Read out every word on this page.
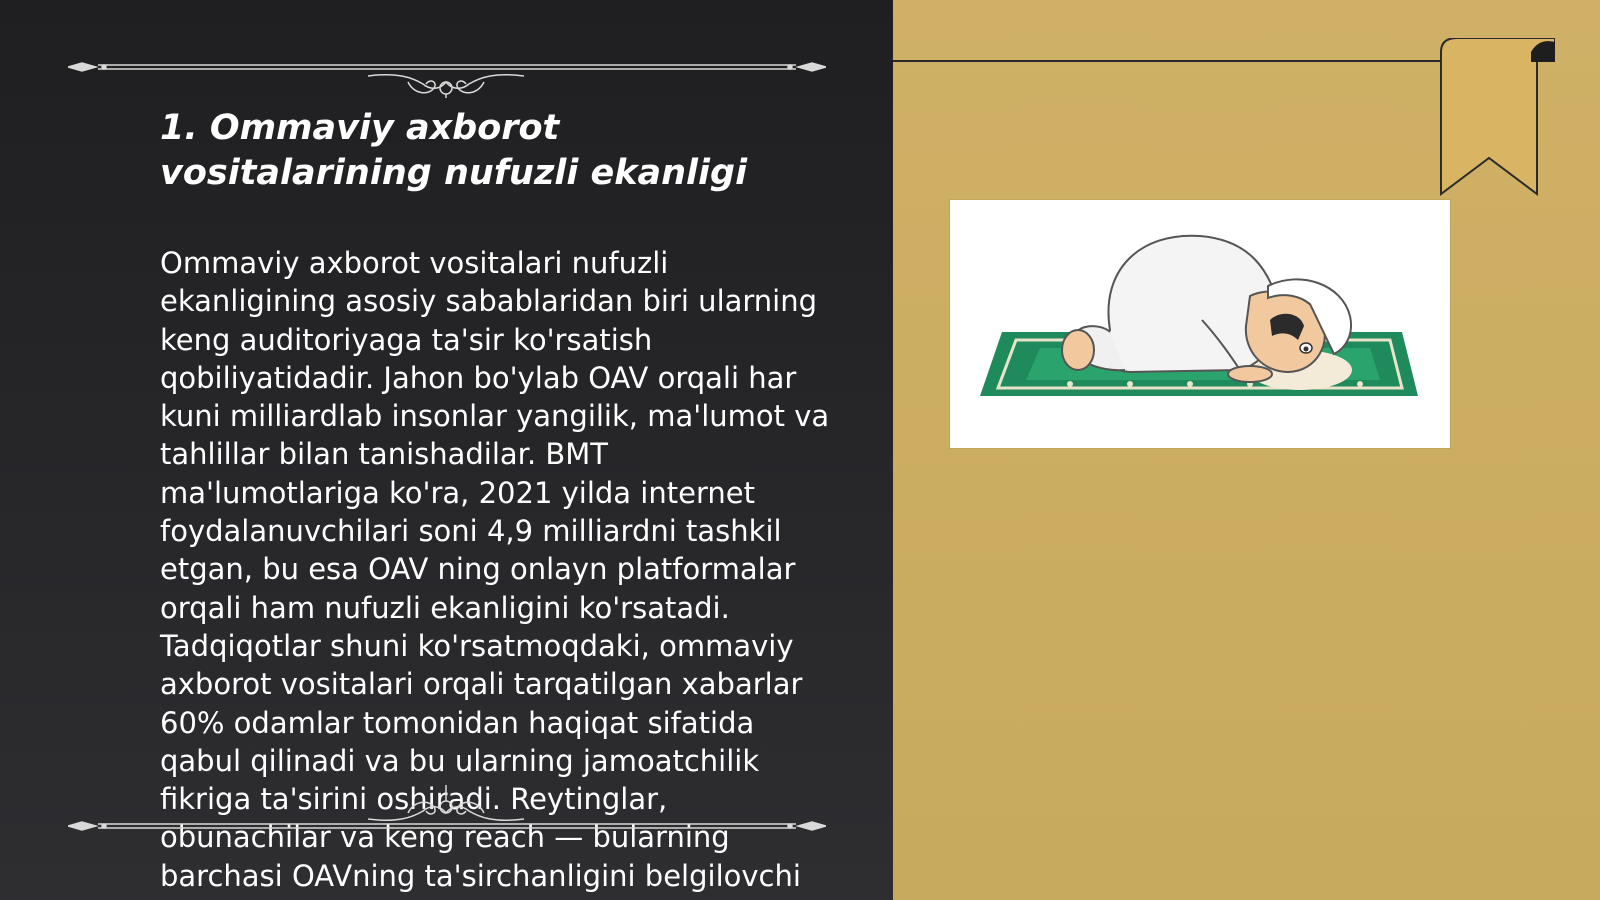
1. Ommaviy axborot vositalarining nufuzli ekanligi

Ommaviy axborot vositalari nufuzli ekanligining asosiy sabablaridan biri ularning keng auditoriyaga ta'sir ko'rsatish qobiliyatidadir. Jahon bo'ylab OAV orqali har kuni milliardlab insonlar yangilik, ma'lumot va tahlillar bilan tanishadilar. BMT ma'lumotlariga ko'ra, 2021 yilda internet foydalanuvchilari soni 4,9 milliardni tashkil etgan, bu esa OAV ning onlayn platformalar orqali ham nufuzli ekanligini ko'rsatadi. Tadqiqotlar shuni ko'rsatmoqdaki, ommaviy axborot vositalari orqali tarqatilgan xabarlar 60% odamlar tomonidan haqiqat sifatida qabul qilinadi va bu ularning jamoatchilik fikriga ta'sirini oshiradi. Reytinglar, obunachilar va keng reach — bularning barchasi OAVning ta'sirchanligini belgilovchi
